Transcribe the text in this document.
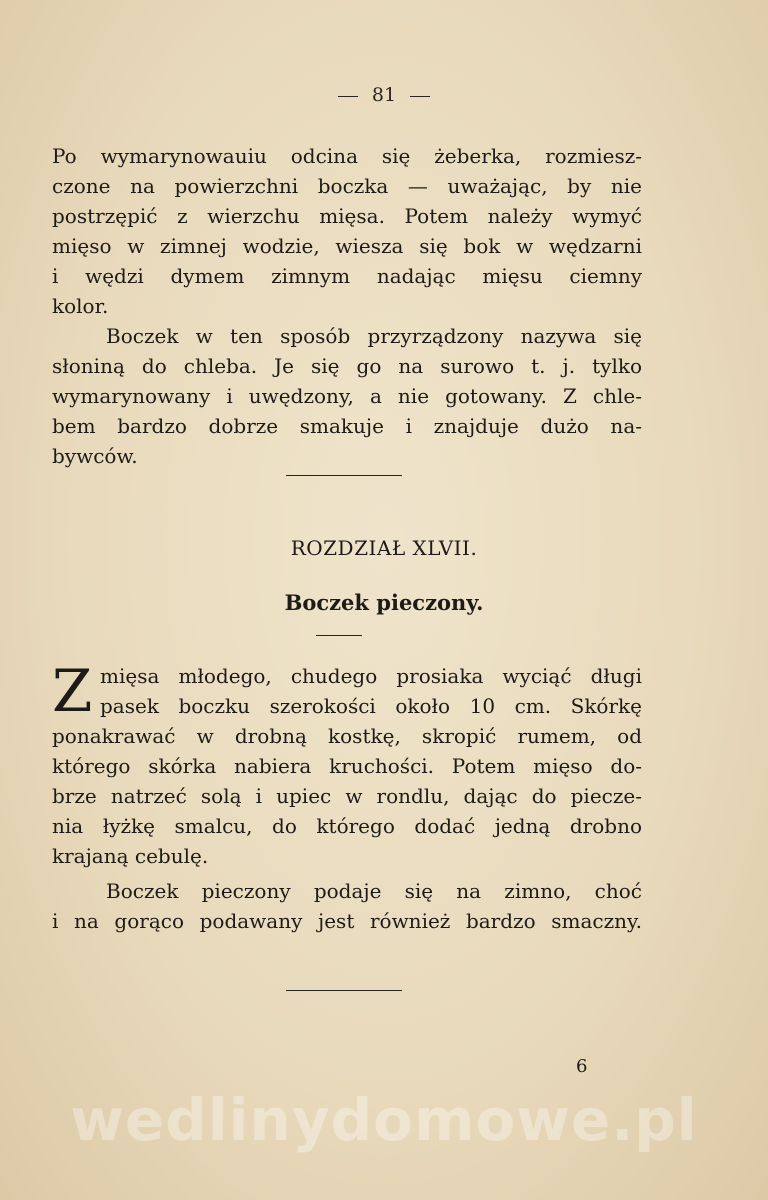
wedlinydomowe.pl
81
Po wymarynowauiu odcina się żeberka, rozmiesz-
czone na powierzchni boczka — uważając, by nie
postrzępić z wierzchu mięsa. Potem należy wymyć
mięso w zimnej wodzie, wiesza się bok w wędzarni
i wędzi dymem zimnym nadając mięsu ciemny
kolor.
Boczek w ten sposób przyrządzony nazywa się
słoniną do chleba. Je się go na surowo t. j. tylko
wymarynowany i uwędzony, a nie gotowany. Z chle-
bem bardzo dobrze smakuje i znajduje dużo na-
bywców.
ROZDZIAŁ XLVII.
Boczek pieczony.
Z mięsa młodego, chudego prosiaka wyciąć długi
pasek boczku szerokości około 10 cm. Skórkę
ponakrawać w drobną kostkę, skropić rumem, od
którego skórka nabiera kruchości. Potem mięso do-
brze natrzeć solą i upiec w rondlu, dając do piecze-
nia łyżkę smalcu, do którego dodać jedną drobno
krajaną cebulę.
Boczek pieczony podaje się na zimno, choć
i na gorąco podawany jest również bardzo smaczny.
6
